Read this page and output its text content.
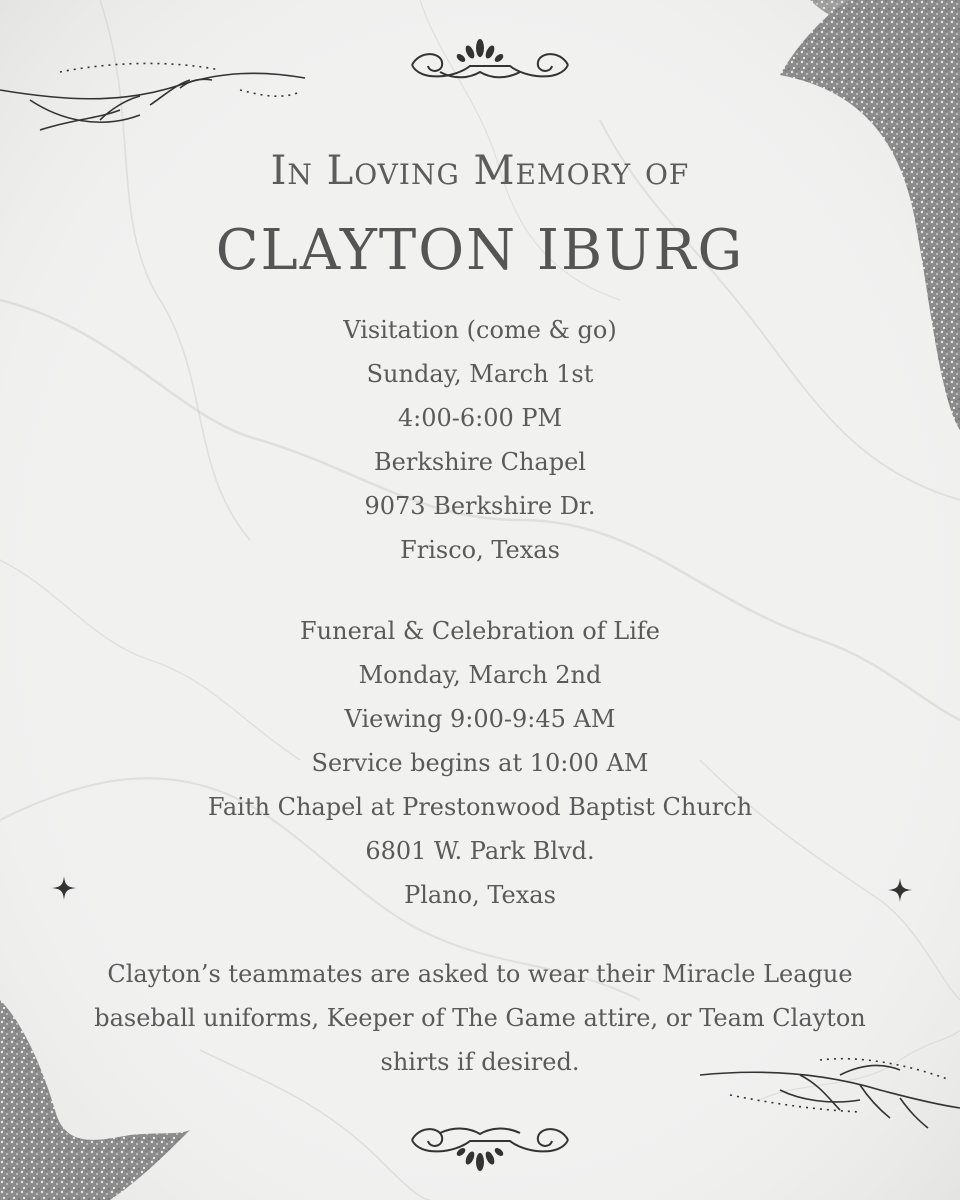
In Loving Memory of
CLAYTON IBURG
Visitation (come & go)
Sunday, March 1st
4:00-6:00 PM
Berkshire Chapel
9073 Berkshire Dr.
Frisco, Texas
Funeral & Celebration of Life
Monday, March 2nd
Viewing 9:00-9:45 AM
Service begins at 10:00 AM
Faith Chapel at Prestonwood Baptist Church
6801 W. Park Blvd.
Plano, Texas
Clayton’s teammates are asked to wear their Miracle League baseball uniforms, Keeper of The Game attire, or Team Clayton shirts if desired.
